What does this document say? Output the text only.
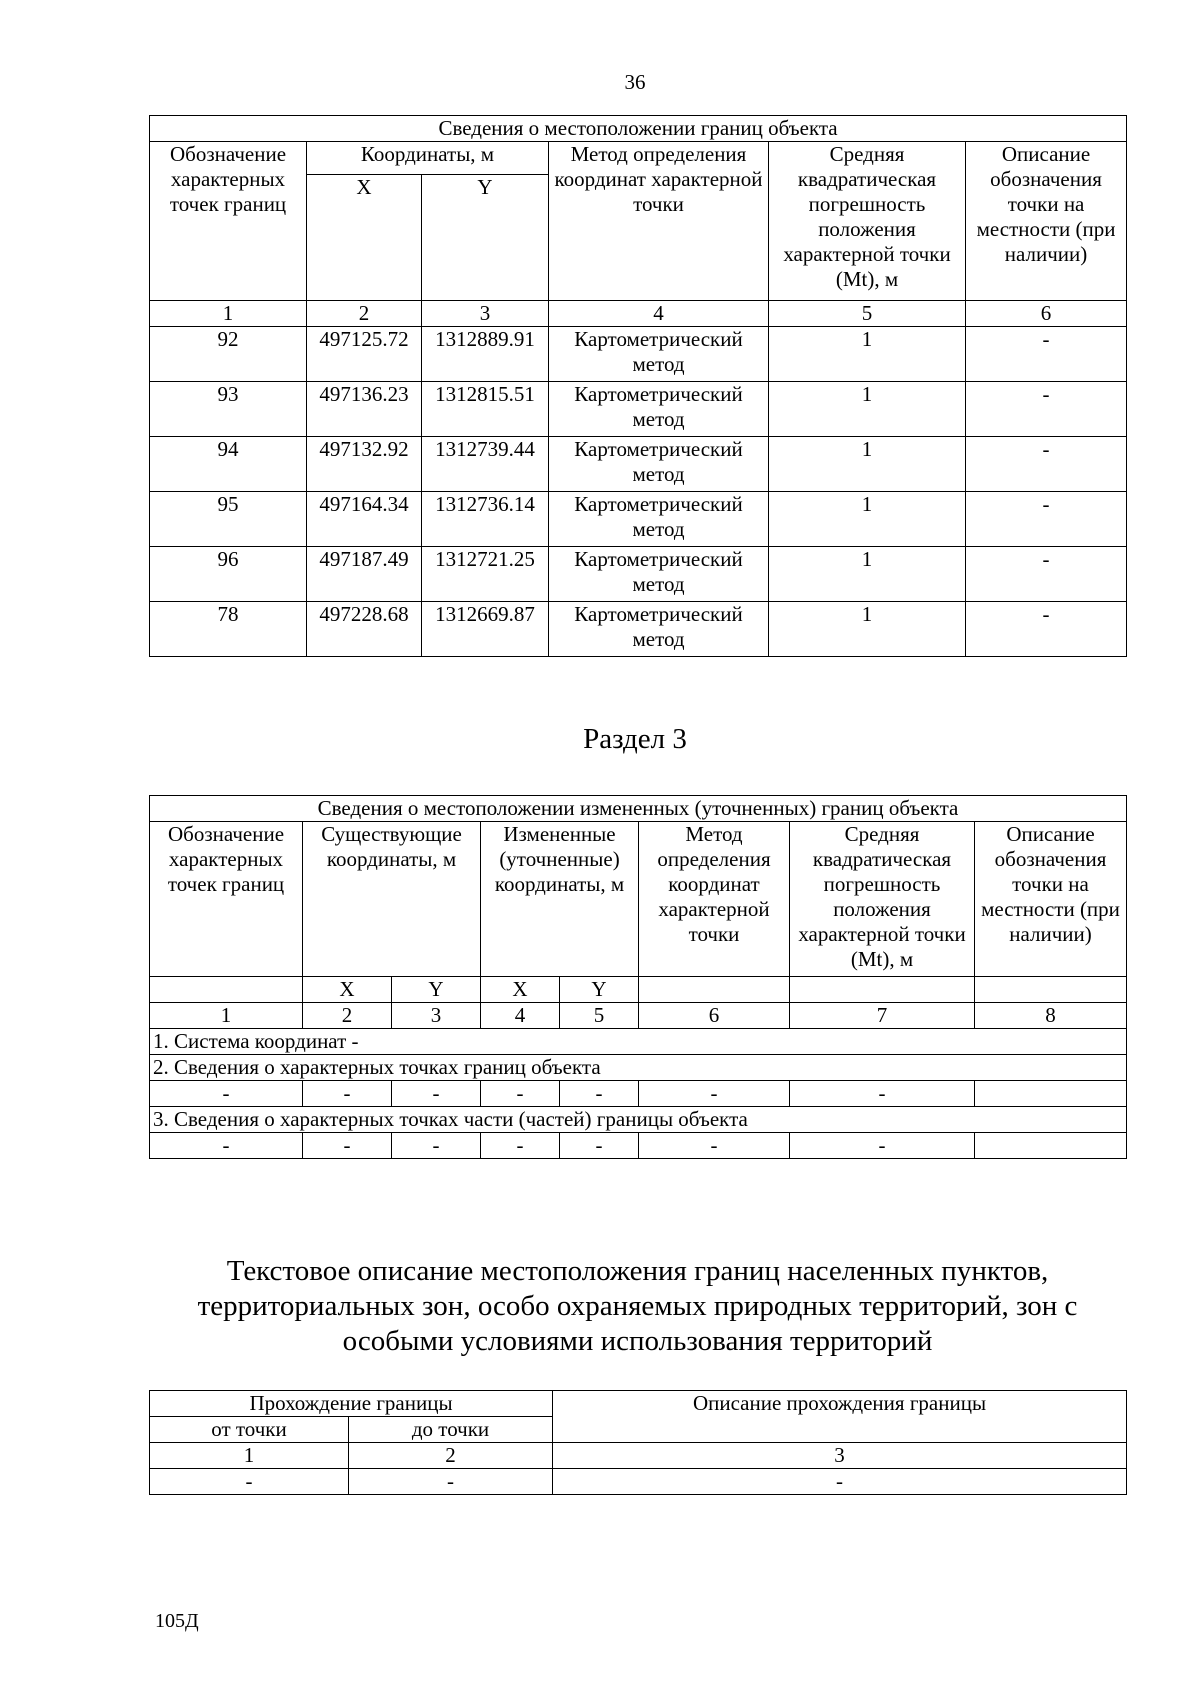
36
Сведения о местоположении границ объекта					
Обозначение характерных точек границ	Координаты, м		Метод определения координат характерной точки	Средняя квадратическая погрешность положения характерной точки (Mt), м	Описание обозначения точки на местности (при наличии)
	X	Y			
1	2	3	4	5	6
92	497125.72	1312889.91	Картометрический метод	1	-
93	497136.23	1312815.51	Картометрический метод	1	-
94	497132.92	1312739.44	Картометрический метод	1	-
95	497164.34	1312736.14	Картометрический метод	1	-
96	497187.49	1312721.25	Картометрический метод	1	-
78	497228.68	1312669.87	Картометрический метод	1	-
Раздел 3
Сведения о местоположении измененных (уточненных) границ объекта							
Обозначение характерных точек границ	Существующие координаты, м		Измененные (уточненные) координаты, м		Метод определения координат характерной точки	Средняя квадратическая погрешность положения характерной точки (Mt), м	Описание обозначения точки на местности (при наличии)
	X	Y	X	Y			
1	2	3	4	5	6	7	8
1. Система координат -							
2. Сведения о характерных точках границ объекта							
-	-	-	-	-	-	-	
3. Сведения о характерных точках части (частей) границы объекта							
-	-	-	-	-	-	-	
Текстовое описание местоположения границ населенных пунктов, территориальных зон, особо охраняемых природных территорий, зон с особыми условиями использования территорий
Прохождение границы		Описание прохождения границы
от точки	до точки	
1	2	3
-	-	-
105Д
